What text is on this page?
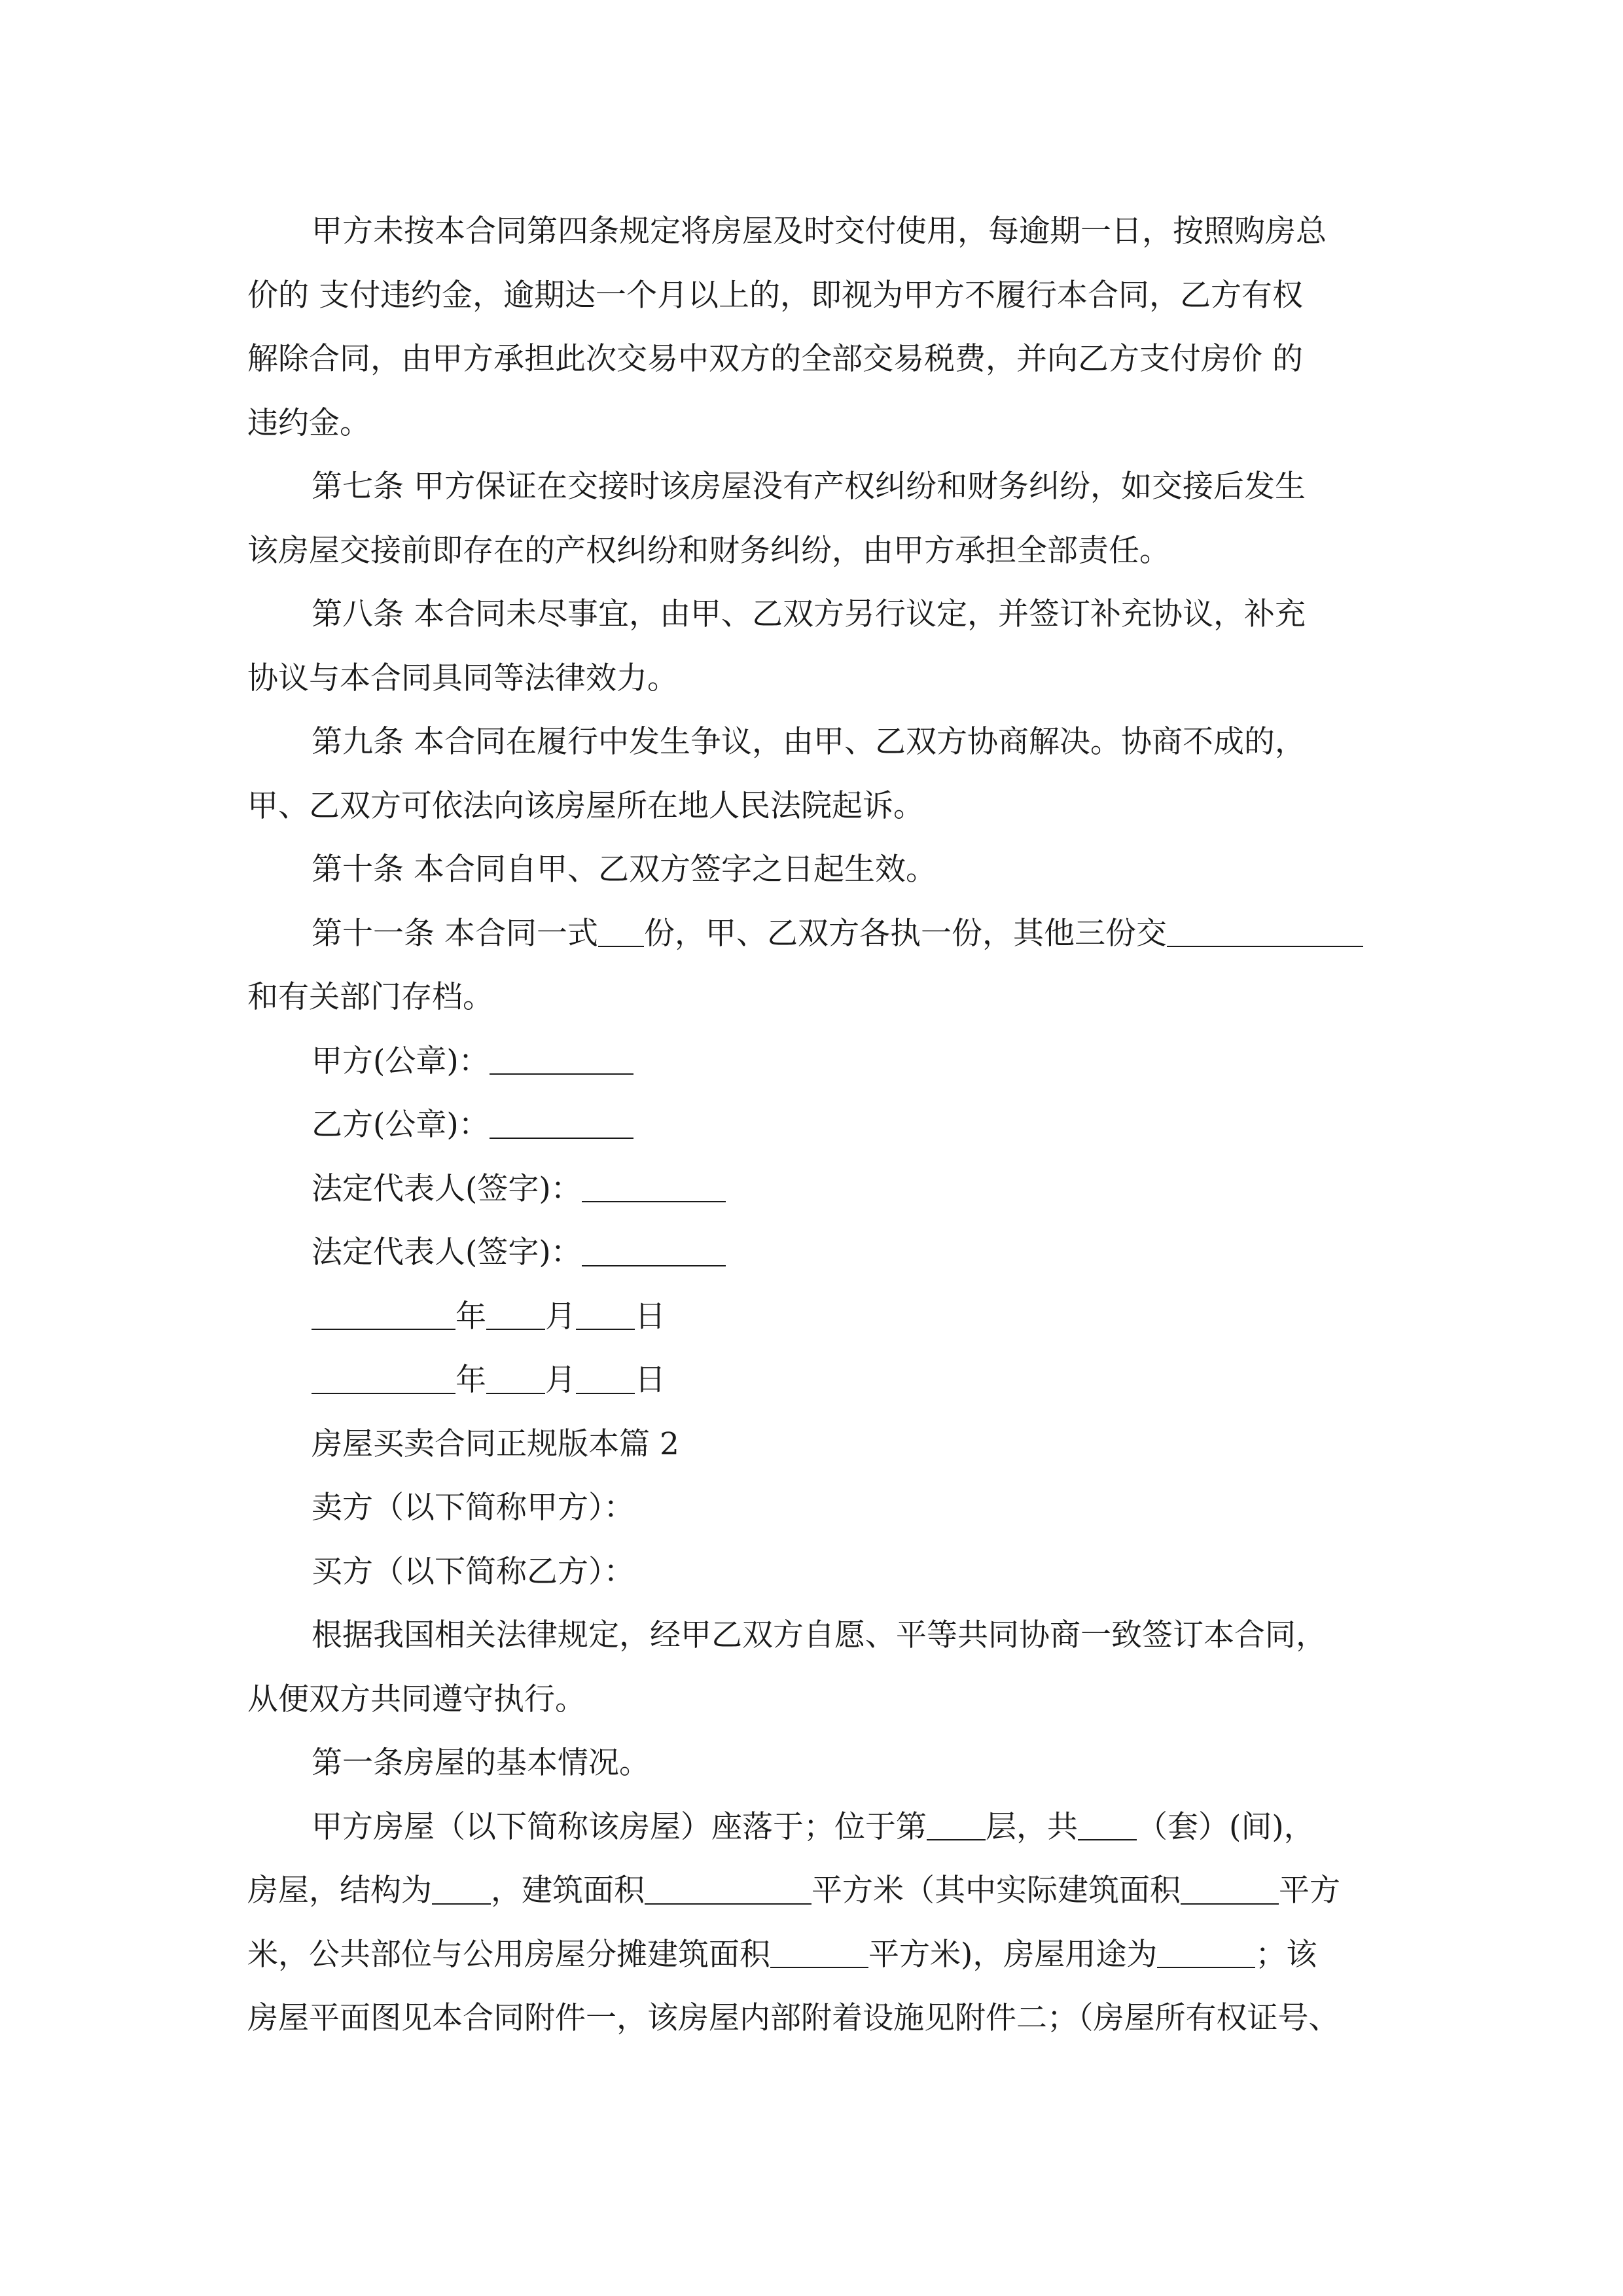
甲方未按本合同第四条规定将房屋及时交付使用，每逾期一日，按照购房总
价的 支付违约金，逾期达一个月以上的，即视为甲方不履行本合同，乙方有权
解除合同，由甲方承担此次交易中双方的全部交易税费，并向乙方支付房价 的
违约金。
第七条 甲方保证在交接时该房屋没有产权纠纷和财务纠纷，如交接后发生
该房屋交接前即存在的产权纠纷和财务纠纷，由甲方承担全部责任。
第八条 本合同未尽事宜，由甲、乙双方另行议定，并签订补充协议，补充
协议与本合同具同等法律效力。
第九条 本合同在履行中发生争议，由甲、乙双方协商解决。协商不成的，
甲、乙双方可依法向该房屋所在地人民法院起诉。
第十条 本合同自甲、乙双方签字之日起生效。
第十一条 本合同一式 份，甲、乙双方各执一份，其他三份交
和有关部门存档。
甲方(公章)：
乙方(公章)：
法定代表人(签字)：
法定代表人(签字)：
年 月 日
年 月 日
房屋买卖合同正规版本篇 2
卖方（以下简称甲方）：
买方（以下简称乙方）：
根据我国相关法律规定，经甲乙双方自愿、平等共同协商一致签订本合同，
从便双方共同遵守执行。
第一条房屋的基本情况。
甲方房屋（以下简称该房屋）座落于；位于第 层，共 （套）(间)，
房屋，结构为 ，建筑面积	平方米（其中实际建筑面积	平方
米，公共部位与公用房屋分摊建筑面积	平方米)，房屋用途为	；该
房屋平面图见本合同附件一，该房屋内部附着设施见附件二；（房屋所有权证号、
